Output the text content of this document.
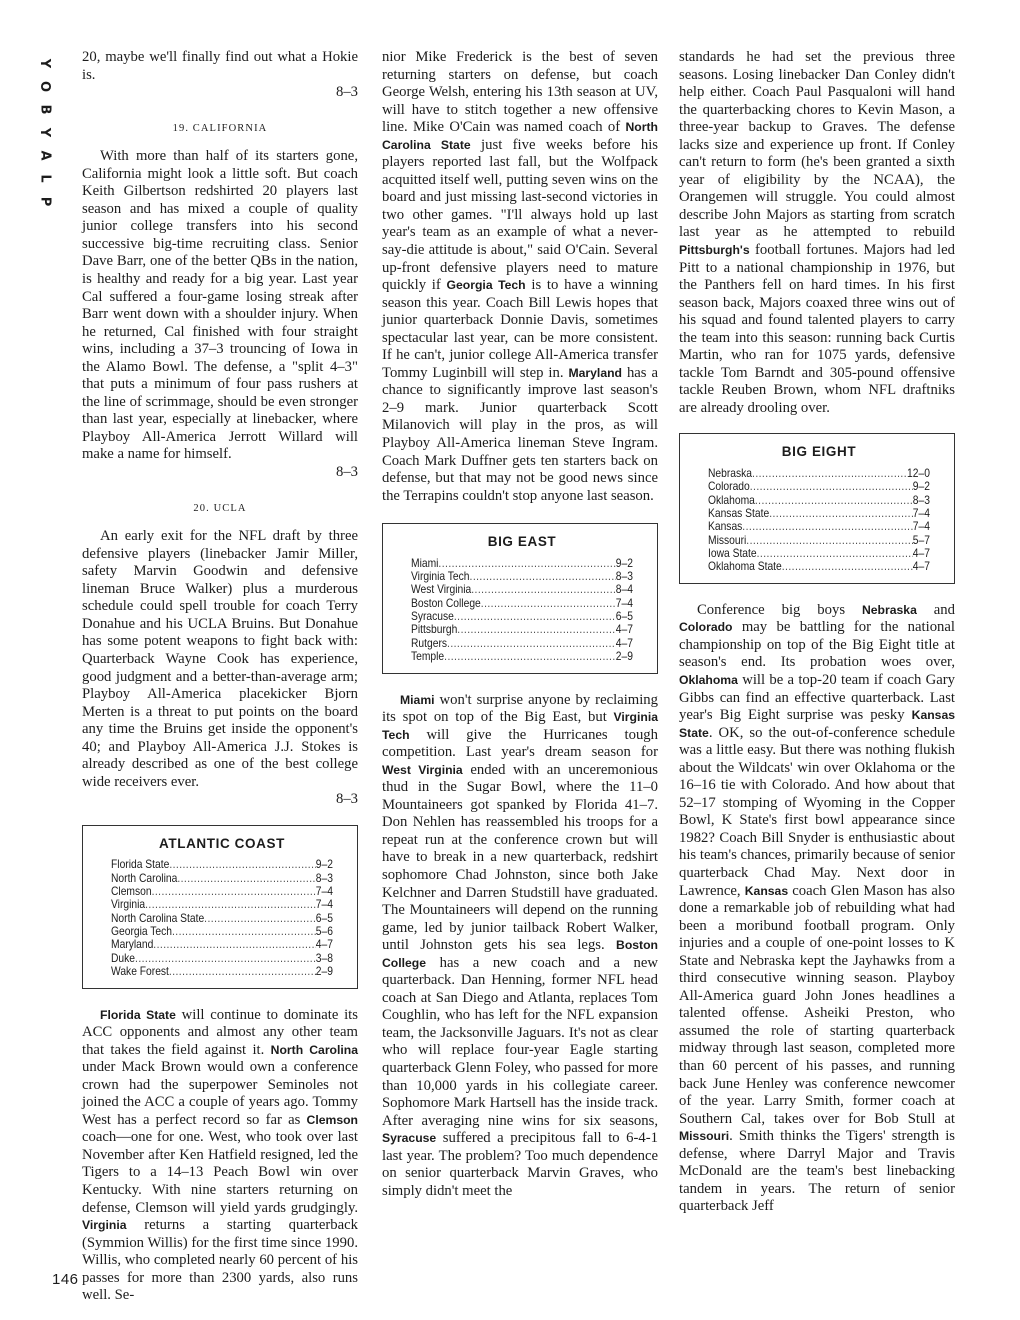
Y
O
B
Y
A
L
P
146

20, maybe we'll finally find out what a Hokie is.

8–3

19. CALIFORNIA

With more than half of its starters gone, California might look a little soft. But coach Keith Gilbertson redshirted 20 players last season and has mixed a couple of quality junior college transfers into his second successive big-time recruiting class. Senior Dave Barr, one of the better QBs in the nation, is healthy and ready for a big year. Last year Cal suffered a four-game losing streak after Barr went down with a shoulder injury. When he returned, Cal finished with four straight wins, including a 37–3 trouncing of Iowa in the Alamo Bowl. The defense, a "split 4–3" that puts a minimum of four pass rushers at the line of scrimmage, should be even stronger than last year, especially at linebacker, where Playboy All-America Jerrott Willard will make a name for himself.

8–3

20. UCLA

An early exit for the NFL draft by three defensive players (linebacker Jamir Miller, safety Marvin Goodwin and defensive lineman Bruce Walker) plus a murderous schedule could spell trouble for coach Terry Donahue and his UCLA Bruins. But Donahue has some potent weapons to fight back with: Quarterback Wayne Cook has experience, good judgment and a better-than-average arm; Playboy All-America placekicker Bjorn Merten is a threat to put points on the board any time the Bruins get inside the opponent's 40; and Playboy All-America J.J. Stokes is already described as one of the best college wide receivers ever.

8–3

ATLANTIC COAST
Florida State .....	9–2
North Carolina .....	8–3
Clemson .....	7–4
Virginia .....	7–4
North Carolina State .....	6–5
Georgia Tech .....	5–6
Maryland .....	4–7
Duke .....	3–8
Wake Forest .....	2–9

Florida State will continue to dominate its ACC opponents and almost any other team that takes the field against it. North Carolina under Mack Brown would own a conference crown had the superpower Seminoles not joined the ACC a couple of years ago. Tommy West has a perfect record so far as Clemson coach—one for one. West, who took over last November after Ken Hatfield resigned, led the Tigers to a 14–13 Peach Bowl win over Kentucky. With nine starters returning on defense, Clemson will yield yards grudgingly. Virginia returns a starting quarterback (Symmion Willis) for the first time since 1990. Willis, who completed nearly 60 percent of his passes for more than 2300 yards, also runs well. Se-

nior Mike Frederick is the best of seven returning starters on defense, but coach George Welsh, entering his 13th season at UV, will have to stitch together a new offensive line. Mike O'Cain was named coach of North Carolina State just five weeks before his players reported last fall, but the Wolfpack acquitted itself well, putting seven wins on the board and just missing last-second victories in two other games. "I'll always hold up last year's team as an example of what a never-say-die attitude is about," said O'Cain. Several up-front defensive players need to mature quickly if Georgia Tech is to have a winning season this year. Coach Bill Lewis hopes that junior quarterback Donnie Davis, sometimes spectacular last year, can be more consistent. If he can't, junior college All-America transfer Tommy Luginbill will step in. Maryland has a chance to significantly improve last season's 2–9 mark. Junior quarterback Scott Milanovich will play in the pros, as will Playboy All-America lineman Steve Ingram. Coach Mark Duffner gets ten starters back on defense, but that may not be good news since the Terrapins couldn't stop anyone last season.

BIG EAST
Miami .....	9–2
Virginia Tech .....	8–3
West Virginia .....	8–4
Boston College .....	7–4
Syracuse .....	6–5
Pittsburgh .....	4–7
Rutgers .....	4–7
Temple .....	2–9

Miami won't surprise anyone by reclaiming its spot on top of the Big East, but Virginia Tech will give the Hurricanes tough competition. Last year's dream season for West Virginia ended with an unceremonious thud in the Sugar Bowl, where the 11–0 Mountaineers got spanked by Florida 41–7. Don Nehlen has reassembled his troops for a repeat run at the conference crown but will have to break in a new quarterback, redshirt sophomore Chad Johnston, since both Jake Kelchner and Darren Studstill have graduated. The Mountaineers will depend on the running game, led by junior tailback Robert Walker, until Johnston gets his sea legs. Boston College has a new coach and a new quarterback. Dan Henning, former NFL head coach at San Diego and Atlanta, replaces Tom Coughlin, who has left for the NFL expansion team, the Jacksonville Jaguars. It's not as clear who will replace four-year Eagle starting quarterback Glenn Foley, who passed for more than 10,000 yards in his collegiate career. Sophomore Mark Hartsell has the inside track. After averaging nine wins for six seasons, Syracuse suffered a precipitous fall to 6-4-1 last year. The problem? Too much dependence on senior quarterback Marvin Graves, who simply didn't meet the

standards he had set the previous three seasons. Losing linebacker Dan Conley didn't help either. Coach Paul Pasqualoni will hand the quarterbacking chores to Kevin Mason, a three-year backup to Graves. The defense lacks size and experience up front. If Conley can't return to form (he's been granted a sixth year of eligibility by the NCAA), the Orangemen will struggle. You could almost describe John Majors as starting from scratch last year as he attempted to rebuild Pittsburgh's football fortunes. Majors had led Pitt to a national championship in 1976, but the Panthers fell on hard times. In his first season back, Majors coaxed three wins out of his squad and found talented players to carry the team into this season: running back Curtis Martin, who ran for 1075 yards, defensive tackle Tom Barndt and 305-pound offensive tackle Reuben Brown, whom NFL draftniks are already drooling over.

BIG EIGHT
Nebraska .....	12–0
Colorado .....	9–2
Oklahoma .....	8–3
Kansas State .....	7–4
Kansas .....	7–4
Missouri .....	5–7
Iowa State .....	4–7
Oklahoma State .....	4–7

Conference big boys Nebraska and Colorado may be battling for the national championship on top of the Big Eight title at season's end. Its probation woes over, Oklahoma will be a top-20 team if coach Gary Gibbs can find an effective quarterback. Last year's Big Eight surprise was pesky Kansas State. OK, so the out-of-conference schedule was a little easy. But there was nothing flukish about the Wildcats' win over Oklahoma or the 16–16 tie with Colorado. And how about that 52–17 stomping of Wyoming in the Copper Bowl, K State's first bowl appearance since 1982? Coach Bill Snyder is enthusiastic about his team's chances, primarily because of senior quarterback Chad May. Next door in Lawrence, Kansas coach Glen Mason has also done a remarkable job of rebuilding what had been a moribund football program. Only injuries and a couple of one-point losses to K State and Nebraska kept the Jayhawks from a third consecutive winning season. Playboy All-America guard John Jones headlines a talented offense. Asheiki Preston, who assumed the role of starting quarterback midway through last season, completed more than 60 percent of his passes, and running back June Henley was conference newcomer of the year. Larry Smith, former coach at Southern Cal, takes over for Bob Stull at Missouri. Smith thinks the Tigers' strength is defense, where Darryl Major and Travis McDonald are the team's best linebacking tandem in years. The return of senior quarterback Jeff
